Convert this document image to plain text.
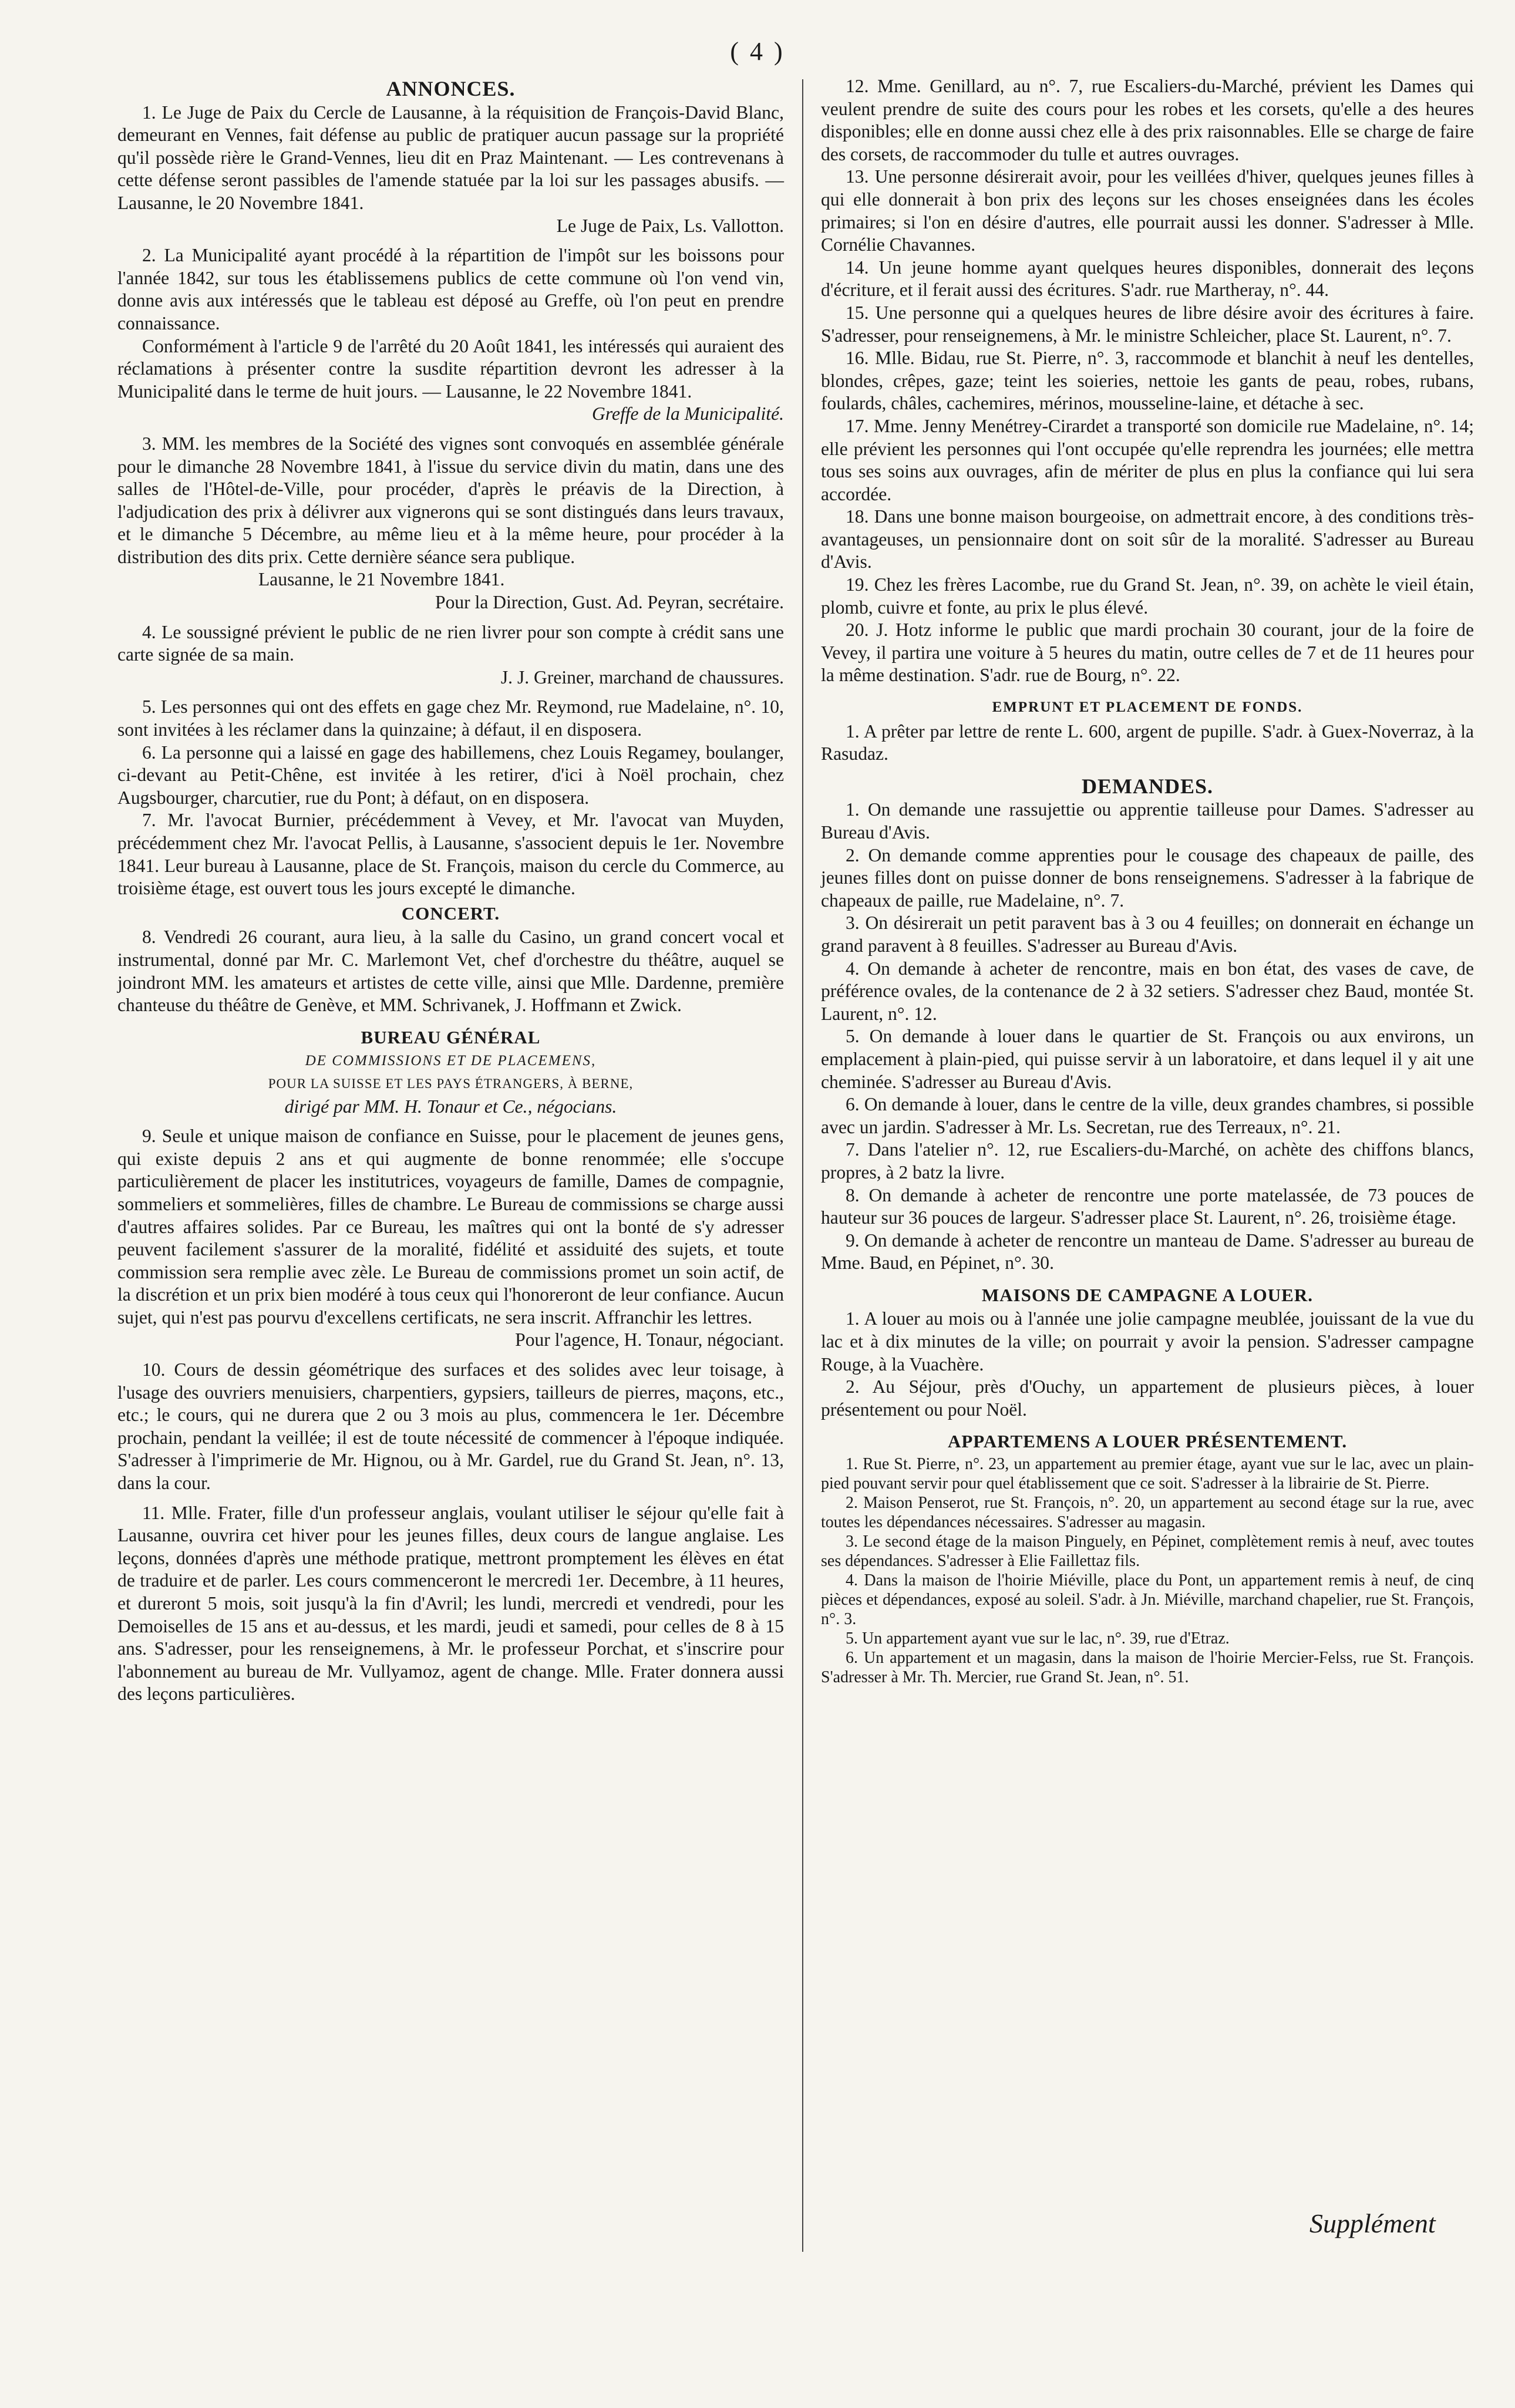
( 4 )
ANNONCES.

1. Le Juge de Paix du Cercle de Lausanne, à la réquisition de François-David Blanc, demeurant en Vennes, fait défense au public de pratiquer aucun passage sur la propriété qu'il possède rière le Grand-Vennes, lieu dit en Praz Maintenant. — Les contrevenans à cette défense seront passibles de l'amende statuée par la loi sur les passages abusifs. — Lausanne, le 20 Novembre 1841.

Le Juge de Paix, Ls. Vallotton.

2. La Municipalité ayant procédé à la répartition de l'impôt sur les boissons pour l'année 1842, sur tous les établissemens publics de cette commune où l'on vend vin, donne avis aux intéressés que le tableau est déposé au Greffe, où l'on peut en prendre connaissance.

Conformément à l'article 9 de l'arrêté du 20 Août 1841, les intéressés qui auraient des réclamations à présenter contre la susdite répartition devront les adresser à la Municipalité dans le terme de huit jours. — Lausanne, le 22 Novembre 1841.

Greffe de la Municipalité.

3. MM. les membres de la Société des vignes sont convoqués en assemblée générale pour le dimanche 28 Novembre 1841, à l'issue du service divin du matin, dans une des salles de l'Hôtel-de-Ville, pour procéder, d'après le préavis de la Direction, à l'adjudication des prix à délivrer aux vignerons qui se sont distingués dans leurs travaux, et le dimanche 5 Décembre, au même lieu et à la même heure, pour procéder à la distribution des dits prix. Cette dernière séance sera publique.

Lausanne, le 21 Novembre 1841.

Pour la Direction, Gust. Ad. Peyran, secrétaire.

4. Le soussigné prévient le public de ne rien livrer pour son compte à crédit sans une carte signée de sa main.

J. J. Greiner, marchand de chaussures.

5. Les personnes qui ont des effets en gage chez Mr. Reymond, rue Madelaine, n°. 10, sont invitées à les réclamer dans la quinzaine; à défaut, il en disposera.

6. La personne qui a laissé en gage des habillemens, chez Louis Regamey, boulanger, ci-devant au Petit-Chêne, est invitée à les retirer, d'ici à Noël prochain, chez Augsbourger, charcutier, rue du Pont; à défaut, on en disposera.

7. Mr. l'avocat Burnier, précédemment à Vevey, et Mr. l'avocat van Muyden, précédemment chez Mr. l'avocat Pellis, à Lausanne, s'associent depuis le 1er. Novembre 1841. Leur bureau à Lausanne, place de St. François, maison du cercle du Commerce, au troisième étage, est ouvert tous les jours excepté le dimanche.

CONCERT.

8. Vendredi 26 courant, aura lieu, à la salle du Casino, un grand concert vocal et instrumental, donné par Mr. C. Marlemont Vet, chef d'orchestre du théâtre, auquel se joindront MM. les amateurs et artistes de cette ville, ainsi que Mlle. Dardenne, première chanteuse du théâtre de Genève, et MM. Schrivanek, J. Hoffmann et Zwick.

BUREAU GÉNÉRAL
DE COMMISSIONS ET DE PLACEMENS,
POUR LA SUISSE ET LES PAYS ÉTRANGERS, À BERNE,
dirigé par MM. H. Tonaur et Ce., négocians.

9. Seule et unique maison de confiance en Suisse, pour le placement de jeunes gens, qui existe depuis 2 ans et qui augmente de bonne renommée; elle s'occupe particulièrement de placer les institutrices, voyageurs de famille, Dames de compagnie, sommeliers et sommelières, filles de chambre. Le Bureau de commissions se charge aussi d'autres affaires solides. Par ce Bureau, les maîtres qui ont la bonté de s'y adresser peuvent facilement s'assurer de la moralité, fidélité et assiduité des sujets, et toute commission sera remplie avec zèle. Le Bureau de commissions promet un soin actif, de la discrétion et un prix bien modéré à tous ceux qui l'honoreront de leur confiance. Aucun sujet, qui n'est pas pourvu d'excellens certificats, ne sera inscrit. Affranchir les lettres.

Pour l'agence, H. Tonaur, négociant.

10. Cours de dessin géométrique des surfaces et des solides avec leur toisage, à l'usage des ouvriers menuisiers, charpentiers, gypsiers, tailleurs de pierres, maçons, etc., etc.; le cours, qui ne durera que 2 ou 3 mois au plus, commencera le 1er. Décembre prochain, pendant la veillée; il est de toute nécessité de commencer à l'époque indiquée. S'adresser à l'imprimerie de Mr. Hignou, ou à Mr. Gardel, rue du Grand St. Jean, n°. 13, dans la cour.

11. Mlle. Frater, fille d'un professeur anglais, voulant utiliser le séjour qu'elle fait à Lausanne, ouvrira cet hiver pour les jeunes filles, deux cours de langue anglaise. Les leçons, données d'après une méthode pratique, mettront promptement les élèves en état de traduire et de parler. Les cours commenceront le mercredi 1er. Decembre, à 11 heures, et dureront 5 mois, soit jusqu'à la fin d'Avril; les lundi, mercredi et vendredi, pour les Demoiselles de 15 ans et au-dessus, et les mardi, jeudi et samedi, pour celles de 8 à 15 ans. S'adresser, pour les renseignemens, à Mr. le professeur Porchat, et s'inscrire pour l'abonnement au bureau de Mr. Vullyamoz, agent de change. Mlle. Frater donnera aussi des leçons particulières.

12. Mme. Genillard, au n°. 7, rue Escaliers-du-Marché, prévient les Dames qui veulent prendre de suite des cours pour les robes et les corsets, qu'elle a des heures disponibles; elle en donne aussi chez elle à des prix raisonnables. Elle se charge de faire des corsets, de raccommoder du tulle et autres ouvrages.

13. Une personne désirerait avoir, pour les veillées d'hiver, quelques jeunes filles à qui elle donnerait à bon prix des leçons sur les choses enseignées dans les écoles primaires; si l'on en désire d'autres, elle pourrait aussi les donner. S'adresser à Mlle. Cornélie Chavannes.

14. Un jeune homme ayant quelques heures disponibles, donnerait des leçons d'écriture, et il ferait aussi des écritures. S'adr. rue Martheray, n°. 44.

15. Une personne qui a quelques heures de libre désire avoir des écritures à faire. S'adresser, pour renseignemens, à Mr. le ministre Schleicher, place St. Laurent, n°. 7.

16. Mlle. Bidau, rue St. Pierre, n°. 3, raccommode et blanchit à neuf les dentelles, blondes, crêpes, gaze; teint les soieries, nettoie les gants de peau, robes, rubans, foulards, châles, cachemires, mérinos, mousseline-laine, et détache à sec.

17. Mme. Jenny Menétrey-Cirardet a transporté son domicile rue Madelaine, n°. 14; elle prévient les personnes qui l'ont occupée qu'elle reprendra les journées; elle mettra tous ses soins aux ouvrages, afin de mériter de plus en plus la confiance qui lui sera accordée.

18. Dans une bonne maison bourgeoise, on admettrait encore, à des conditions très-avantageuses, un pensionnaire dont on soit sûr de la moralité. S'adresser au Bureau d'Avis.

19. Chez les frères Lacombe, rue du Grand St. Jean, n°. 39, on achète le vieil étain, plomb, cuivre et fonte, au prix le plus élevé.

20. J. Hotz informe le public que mardi prochain 30 courant, jour de la foire de Vevey, il partira une voiture à 5 heures du matin, outre celles de 7 et de 11 heures pour la même destination. S'adr. rue de Bourg, n°. 22.

EMPRUNT ET PLACEMENT DE FONDS.

1. A prêter par lettre de rente L. 600, argent de pupille. S'adr. à Guex-Noverraz, à la Rasudaz.

DEMANDES.

1. On demande une rassujettie ou apprentie tailleuse pour Dames. S'adresser au Bureau d'Avis.

2. On demande comme apprenties pour le cousage des chapeaux de paille, des jeunes filles dont on puisse donner de bons renseignemens. S'adresser à la fabrique de chapeaux de paille, rue Madelaine, n°. 7.

3. On désirerait un petit paravent bas à 3 ou 4 feuilles; on donnerait en échange un grand paravent à 8 feuilles. S'adresser au Bureau d'Avis.

4. On demande à acheter de rencontre, mais en bon état, des vases de cave, de préférence ovales, de la contenance de 2 à 32 setiers. S'adresser chez Baud, montée St. Laurent, n°. 12.

5. On demande à louer dans le quartier de St. François ou aux environs, un emplacement à plain-pied, qui puisse servir à un laboratoire, et dans lequel il y ait une cheminée. S'adresser au Bureau d'Avis.

6. On demande à louer, dans le centre de la ville, deux grandes chambres, si possible avec un jardin. S'adresser à Mr. Ls. Secretan, rue des Terreaux, n°. 21.

7. Dans l'atelier n°. 12, rue Escaliers-du-Marché, on achète des chiffons blancs, propres, à 2 batz la livre.

8. On demande à acheter de rencontre une porte matelassée, de 73 pouces de hauteur sur 36 pouces de largeur. S'adresser place St. Laurent, n°. 26, troisième étage.

9. On demande à acheter de rencontre un manteau de Dame. S'adresser au bureau de Mme. Baud, en Pépinet, n°. 30.

MAISONS DE CAMPAGNE A LOUER.

1. A louer au mois ou à l'année une jolie campagne meublée, jouissant de la vue du lac et à dix minutes de la ville; on pourrait y avoir la pension. S'adresser campagne Rouge, à la Vuachère.

2. Au Séjour, près d'Ouchy, un appartement de plusieurs pièces, à louer présentement ou pour Noël.

APPARTEMENS A LOUER PRÉSENTEMENT.

1. Rue St. Pierre, n°. 23, un appartement au premier étage, ayant vue sur le lac, avec un plain-pied pouvant servir pour quel établissement que ce soit. S'adresser à la librairie de St. Pierre.

2. Maison Penserot, rue St. François, n°. 20, un appartement au second étage sur la rue, avec toutes les dépendances nécessaires. S'adresser au magasin.

3. Le second étage de la maison Pinguely, en Pépinet, complètement remis à neuf, avec toutes ses dépendances. S'adresser à Elie Faillettaz fils.

4. Dans la maison de l'hoirie Miéville, place du Pont, un appartement remis à neuf, de cinq pièces et dépendances, exposé au soleil. S'adr. à Jn. Miéville, marchand chapelier, rue St. François, n°. 3.

5. Un appartement ayant vue sur le lac, n°. 39, rue d'Etraz.

6. Un appartement et un magasin, dans la maison de l'hoirie Mercier-Felss, rue St. François. S'adresser à Mr. Th. Mercier, rue Grand St. Jean, n°. 51.

Supplément
